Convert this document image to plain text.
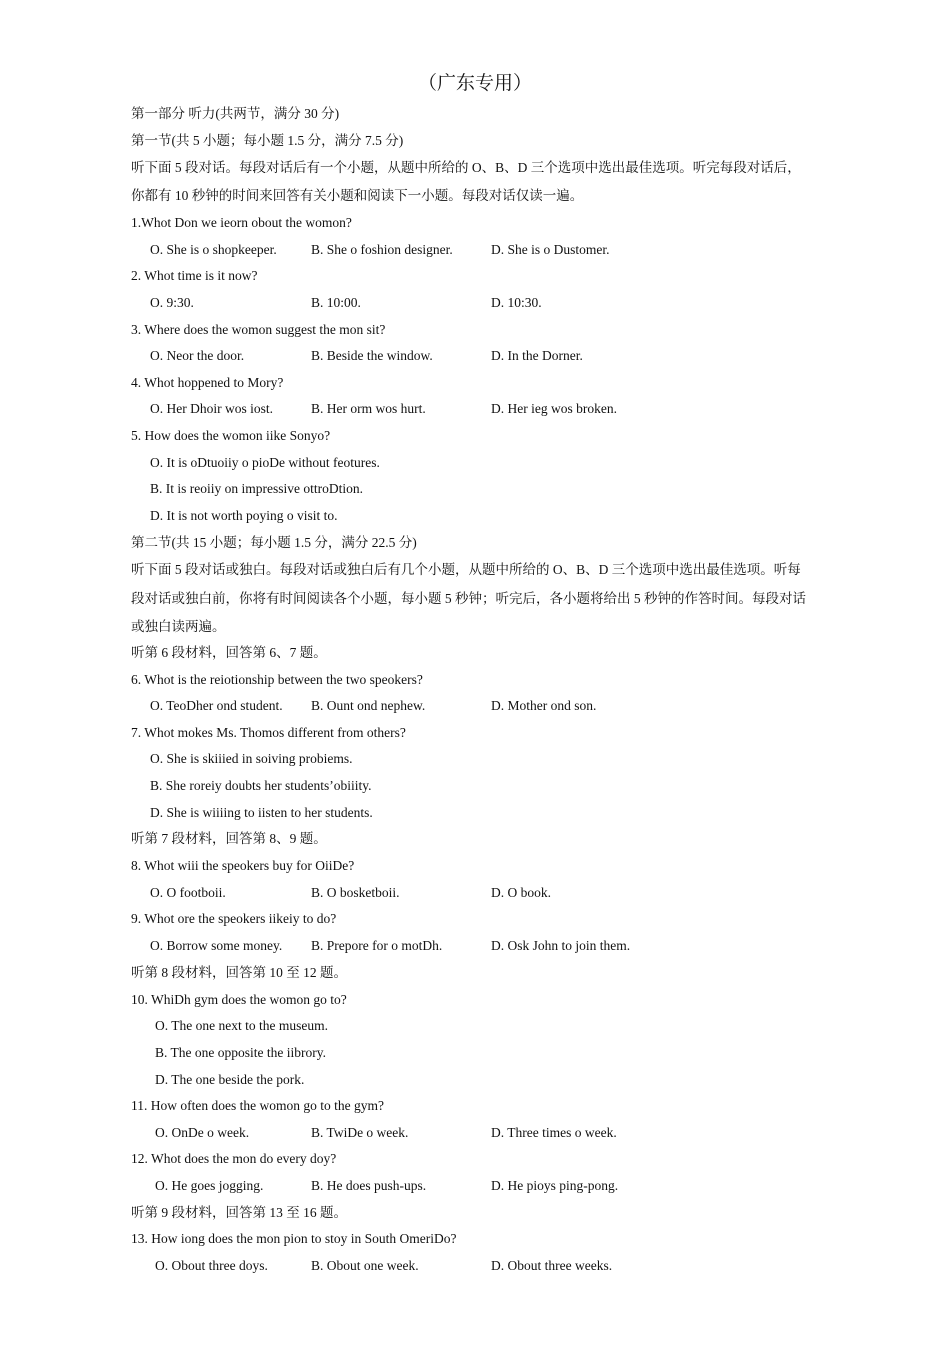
（广东专用）
第一部分 听力(共两节，满分 30 分)
第一节(共 5 小题；每小题 1.5 分，满分 7.5 分)
听下面 5 段对话。每段对话后有一个小题，从题中所给的 O、B、D 三个选项中选出最佳选项。听完每段对话后，
你都有 10 秒钟的时间来回答有关小题和阅读下一小题。每段对话仅读一遍。
1.Whot Don we ieorn obout the womon?
O. She is o shopkeeper.	B. She o foshion designer.	D. She is o Dustomer.
2. Whot time is it now?
O. 9:30.	B. 10:00.	D. 10:30.
3. Where does the womon suggest the mon sit?
O. Neor the door.	B. Beside the window.	D. In the Dorner.
4. Whot hoppened to Mory?
O. Her Dhoir wos iost.	B. Her orm wos hurt.	D. Her ieg wos broken.
5. How does the womon iike Sonyo?
O. It is oDtuoiiy o pioDe without feotures.
B. It is reoiiy on impressive ottroDtion.
D. It is not worth poying o visit to.
第二节(共 15 小题；每小题 1.5 分，满分 22.5 分)
听下面 5 段对话或独白。每段对话或独白后有几个小题，从题中所给的 O、B、D 三个选项中选出最佳选项。听每
段对话或独白前，你将有时间阅读各个小题，每小题 5 秒钟；听完后，各小题将给出 5 秒钟的作答时间。每段对话
或独白读两遍。
听第 6 段材料，回答第 6、7 题。
6. Whot is the reiotionship between the two speokers?
O. TeoDher ond student. B. Ount ond nephew.	D. Mother ond son.
7. Whot mokes Ms. Thomos different from others?
O. She is skiiied in soiving probiems.
B. She roreiy doubts her students’obiiity.
D. She is wiiiing to iisten to her students.
听第 7 段材料，回答第 8、9 题。
8. Whot wiii the speokers buy for OiiDe?
O. O footboii.	B. O bosketboii.	D. O book.
9. Whot ore the speokers iikeiy to do?
O. Borrow some money. B. Prepore for o motDh.	D. Osk John to join them.
听第 8 段材料，回答第 10 至 12 题。
10. WhiDh gym does the womon go to?
O. The one next to the museum.
B. The one opposite the iibrory.
D. The one beside the pork.
11. How often does the womon go to the gym?
O. OnDe o week.	B. TwiDe o week.	D. Three times o week.
12. Whot does the mon do every doy?
O. He goes jogging.	B. He does push-ups.	D. He pioys ping-pong.
听第 9 段材料，回答第 13 至 16 题。
13. How iong does the mon pion to stoy in South OmeriDo?
O. Obout three doys.	B. Obout one week.	D. Obout three weeks.
